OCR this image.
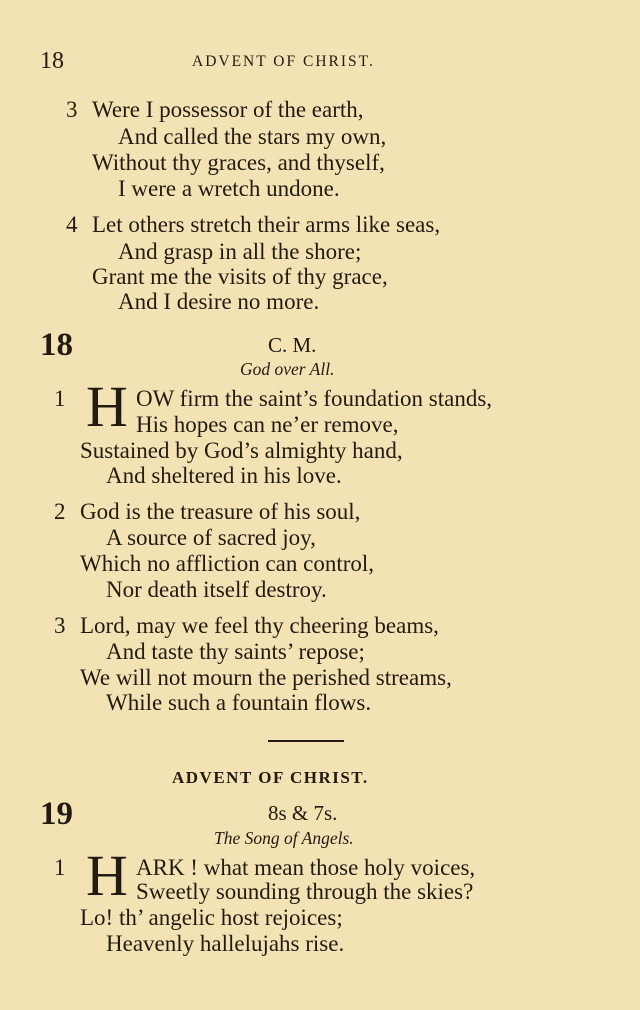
18	ADVENT OF CHRIST.
3 Were I possessor of the earth,
And called the stars my own,
Without thy graces, and thyself,
I were a wretch undone.
4 Let others stretch their arms like seas,
And grasp in all the shore;
Grant me the visits of thy grace,
And I desire no more.
18	C. M.
God over All.
1 H OW firm the saint’s foundation stands,
His hopes can ne’er remove,
Sustained by God’s almighty hand,
And sheltered in his love.
2 God is the treasure of his soul,
A source of sacred joy,
Which no affliction can control,
Nor death itself destroy.
3 Lord, may we feel thy cheering beams,
And taste thy saints’ repose;
We will not mourn the perished streams,
While such a fountain flows.
ADVENT OF CHRIST.
19	8s & 7s.
The Song of Angels.
1 H ARK ! what mean those holy voices,
Sweetly sounding through the skies?
Lo! th’ angelic host rejoices;
Heavenly hallelujahs rise.
